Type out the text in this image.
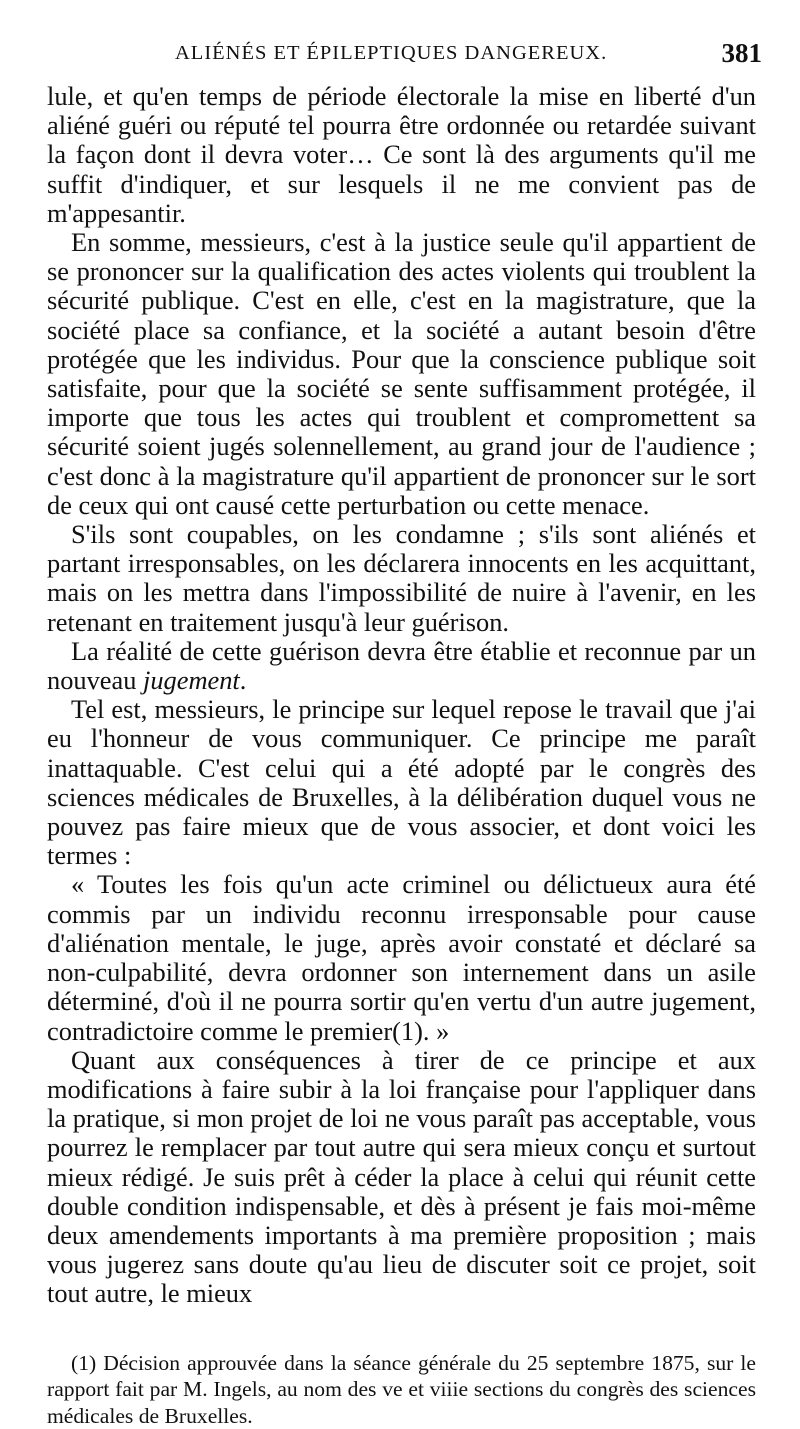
ALIÉNÉS ET ÉPILEPTIQUES DANGEREUX.	381

lule, et qu'en temps de période électorale la mise en liberté d'un aliéné guéri ou réputé tel pourra être ordonnée ou retardée suivant la façon dont il devra voter… Ce sont là des arguments qu'il me suffit d'indiquer, et sur lesquels il ne me convient pas de m'appesantir.

En somme, messieurs, c'est à la justice seule qu'il appartient de se prononcer sur la qualification des actes violents qui troublent la sécurité publique. C'est en elle, c'est en la magistrature, que la société place sa confiance, et la société a autant besoin d'être protégée que les individus. Pour que la conscience publique soit satisfaite, pour que la société se sente suffisamment protégée, il importe que tous les actes qui troublent et compromettent sa sécurité soient jugés solennellement, au grand jour de l'audience ; c'est donc à la magistrature qu'il appartient de prononcer sur le sort de ceux qui ont causé cette perturbation ou cette menace.

S'ils sont coupables, on les condamne ; s'ils sont aliénés et partant irresponsables, on les déclarera innocents en les acquittant, mais on les mettra dans l'impossibilité de nuire à l'avenir, en les retenant en traitement jusqu'à leur guérison.

La réalité de cette guérison devra être établie et reconnue par un nouveau jugement.

Tel est, messieurs, le principe sur lequel repose le travail que j'ai eu l'honneur de vous communiquer. Ce principe me paraît inattaquable. C'est celui qui a été adopté par le congrès des sciences médicales de Bruxelles, à la délibération duquel vous ne pouvez pas faire mieux que de vous associer, et dont voici les termes :

« Toutes les fois qu'un acte criminel ou délictueux aura été commis par un individu reconnu irresponsable pour cause d'aliénation mentale, le juge, après avoir constaté et déclaré sa non-culpabilité, devra ordonner son internement dans un asile déterminé, d'où il ne pourra sortir qu'en vertu d'un autre jugement, contradictoire comme le premier(1). »

Quant aux conséquences à tirer de ce principe et aux modifications à faire subir à la loi française pour l'appliquer dans la pratique, si mon projet de loi ne vous paraît pas acceptable, vous pourrez le remplacer par tout autre qui sera mieux conçu et surtout mieux rédigé. Je suis prêt à céder la place à celui qui réunit cette double condition indispensable, et dès à présent je fais moi-même deux amendements importants à ma première proposition ; mais vous jugerez sans doute qu'au lieu de discuter soit ce projet, soit tout autre, le mieux

(1) Décision approuvée dans la séance générale du 25 septembre 1875, sur le rapport fait par M. Ingels, au nom des ve et viiie sections du congrès des sciences médicales de Bruxelles.
